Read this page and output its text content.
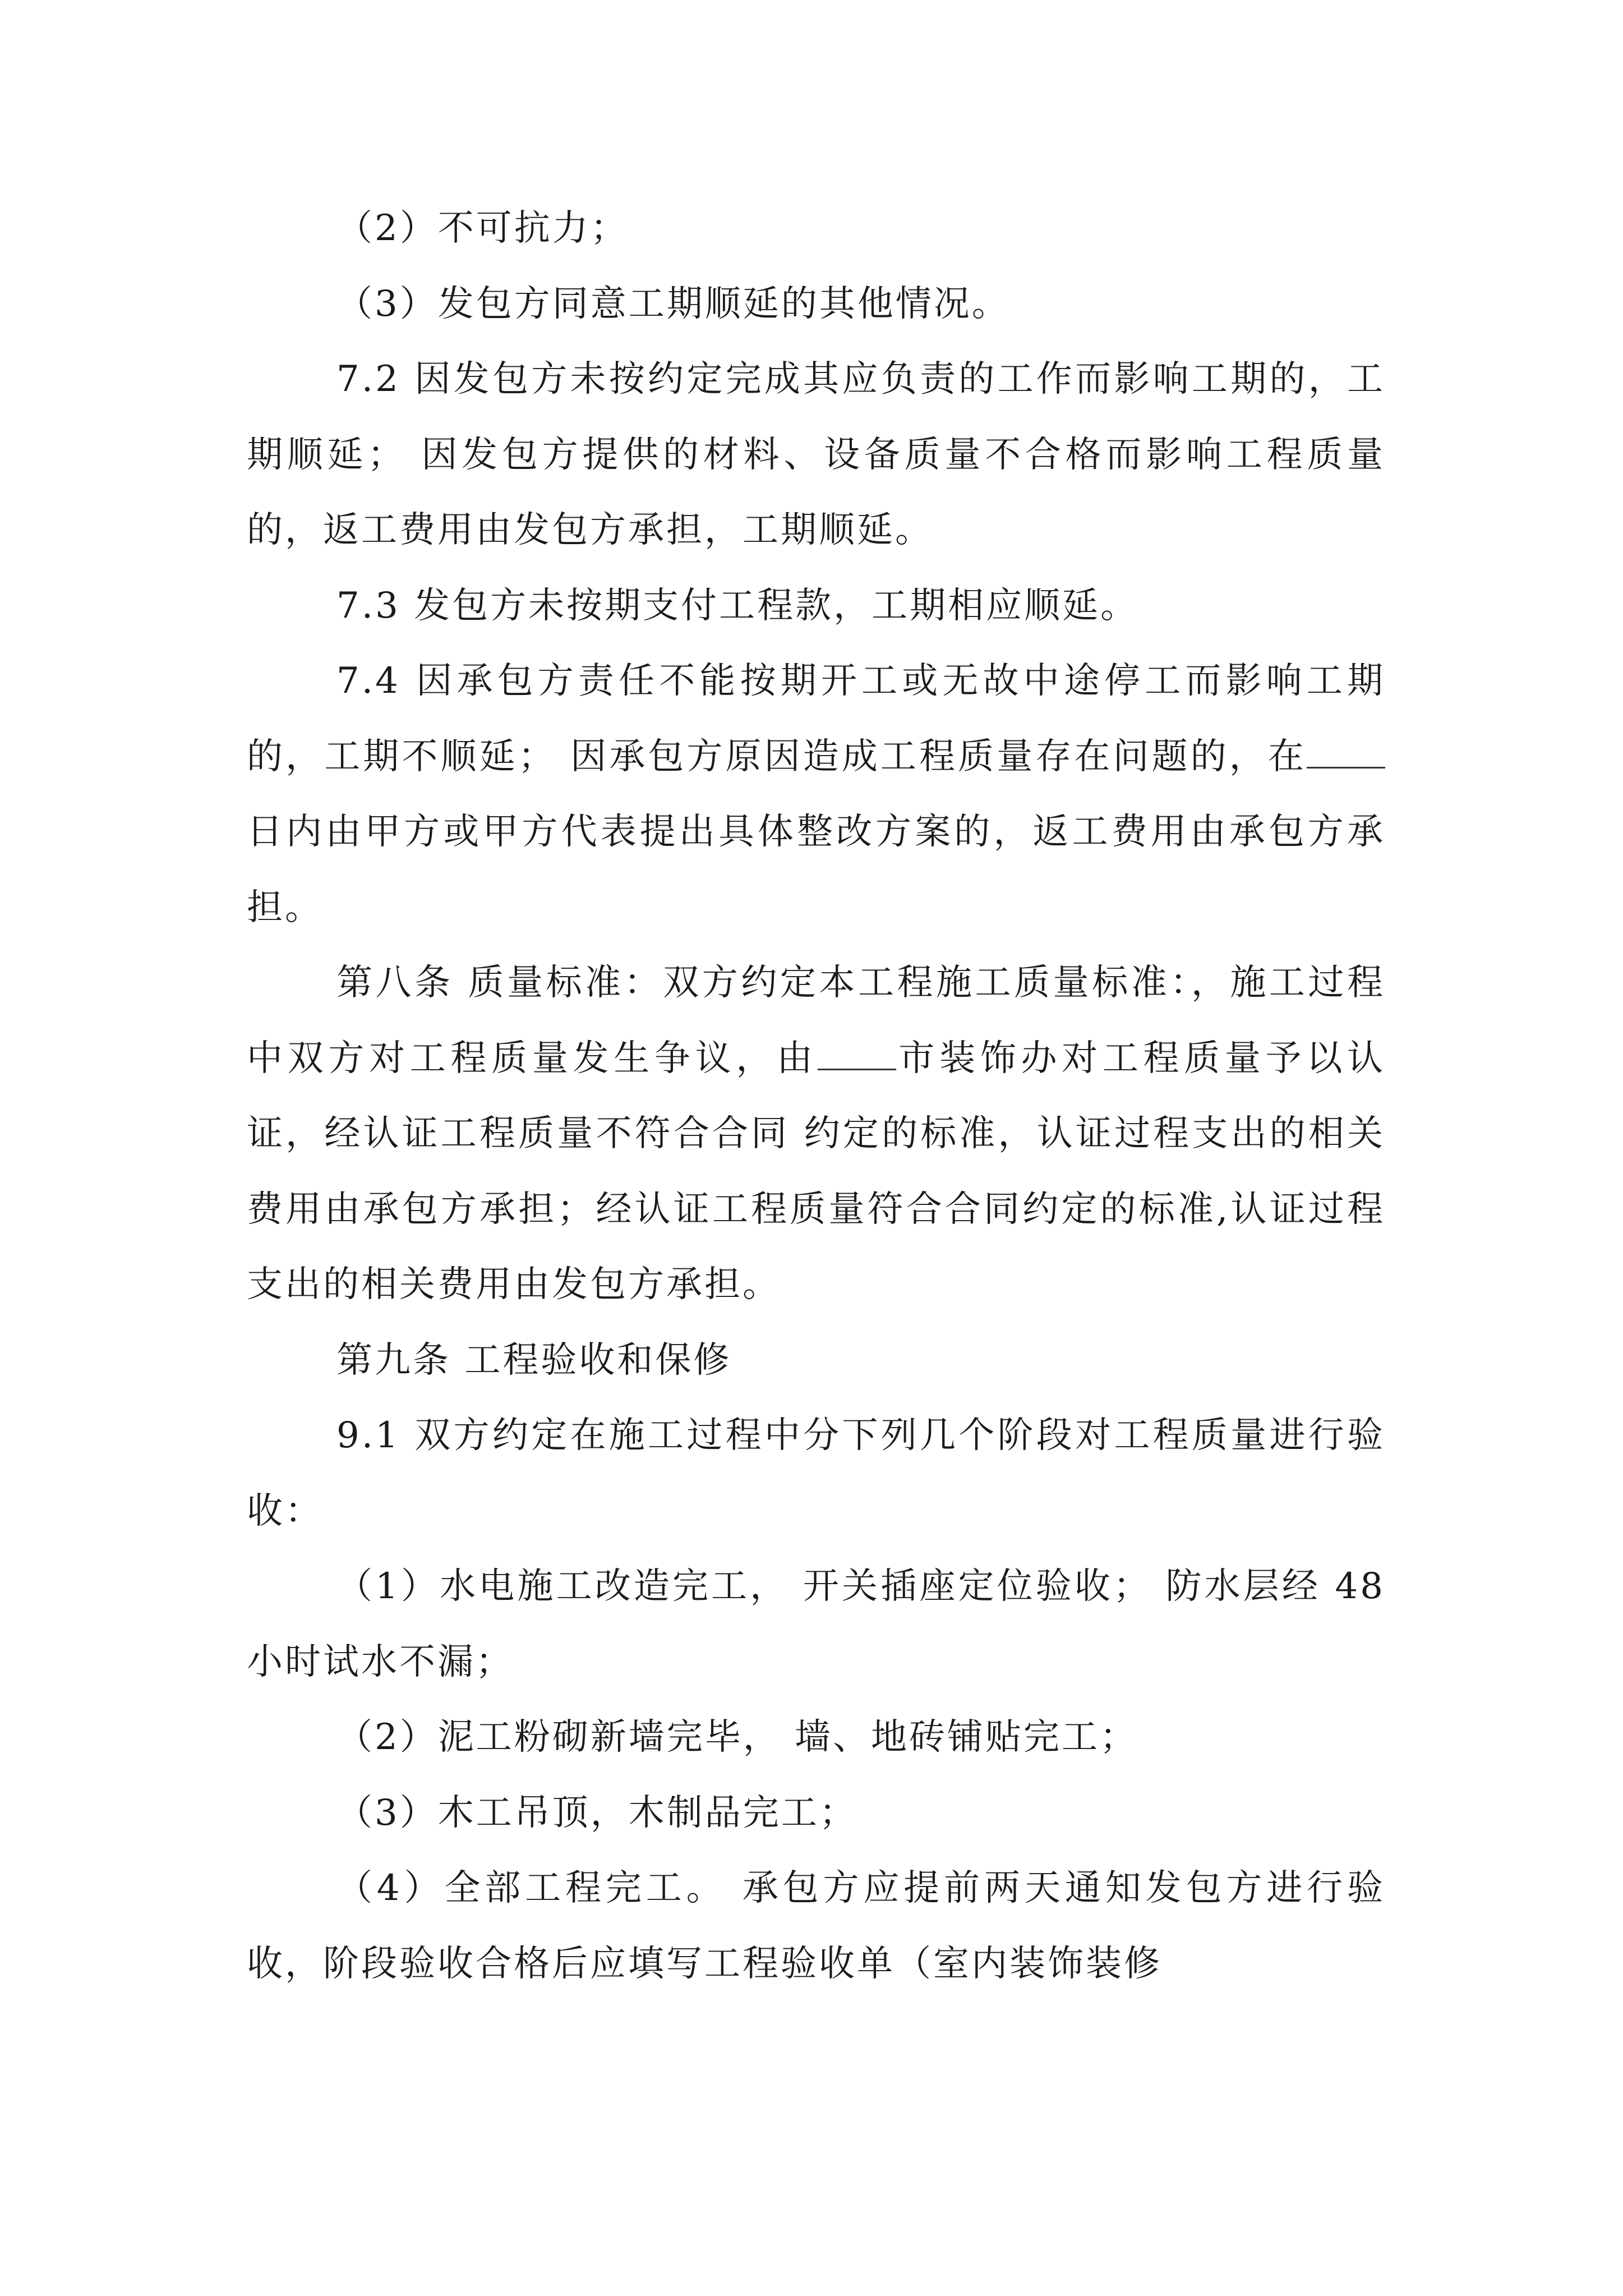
（2）不可抗力；

（3）发包方同意工期顺延的其他情况。

7.2 因发包方未按约定完成其应负责的工作而影响工期的，工期顺延； 因发包方提供的材料、设备质量不合格而影响工程质量的，返工费用由发包方承担，工期顺延。

7.3 发包方未按期支付工程款，工期相应顺延。

7.4 因承包方责任不能按期开工或无故中途停工而影响工期的，工期不顺延； 因承包方原因造成工程质量存在问题的，在日内由甲方或甲方代表提出具体整改方案的，返工费用由承包方承担。

第八条 质量标准：双方约定本工程施工质量标准：，施工过程中双方对工程质量发生争议，由 市装饰办对工程质量予以认证，经认证工程质量不符合合同 约定的标准，认证过程支出的相关费用由承包方承担；经认证工程质量符合合同约定的标准,认证过程支出的相关费用由发包方承担。

第九条 工程验收和保修

9.1 双方约定在施工过程中分下列几个阶段对工程质量进行验收：

（1）水电施工改造完工， 开关插座定位验收； 防水层经 48 小时试水不漏；

（2）泥工粉砌新墙完毕， 墙、地砖铺贴完工；

（3）木工吊顶，木制品完工；

（4）全部工程完工。 承包方应提前两天通知发包方进行验收，阶段验收合格后应填写工程验收单（室内装饰装修
